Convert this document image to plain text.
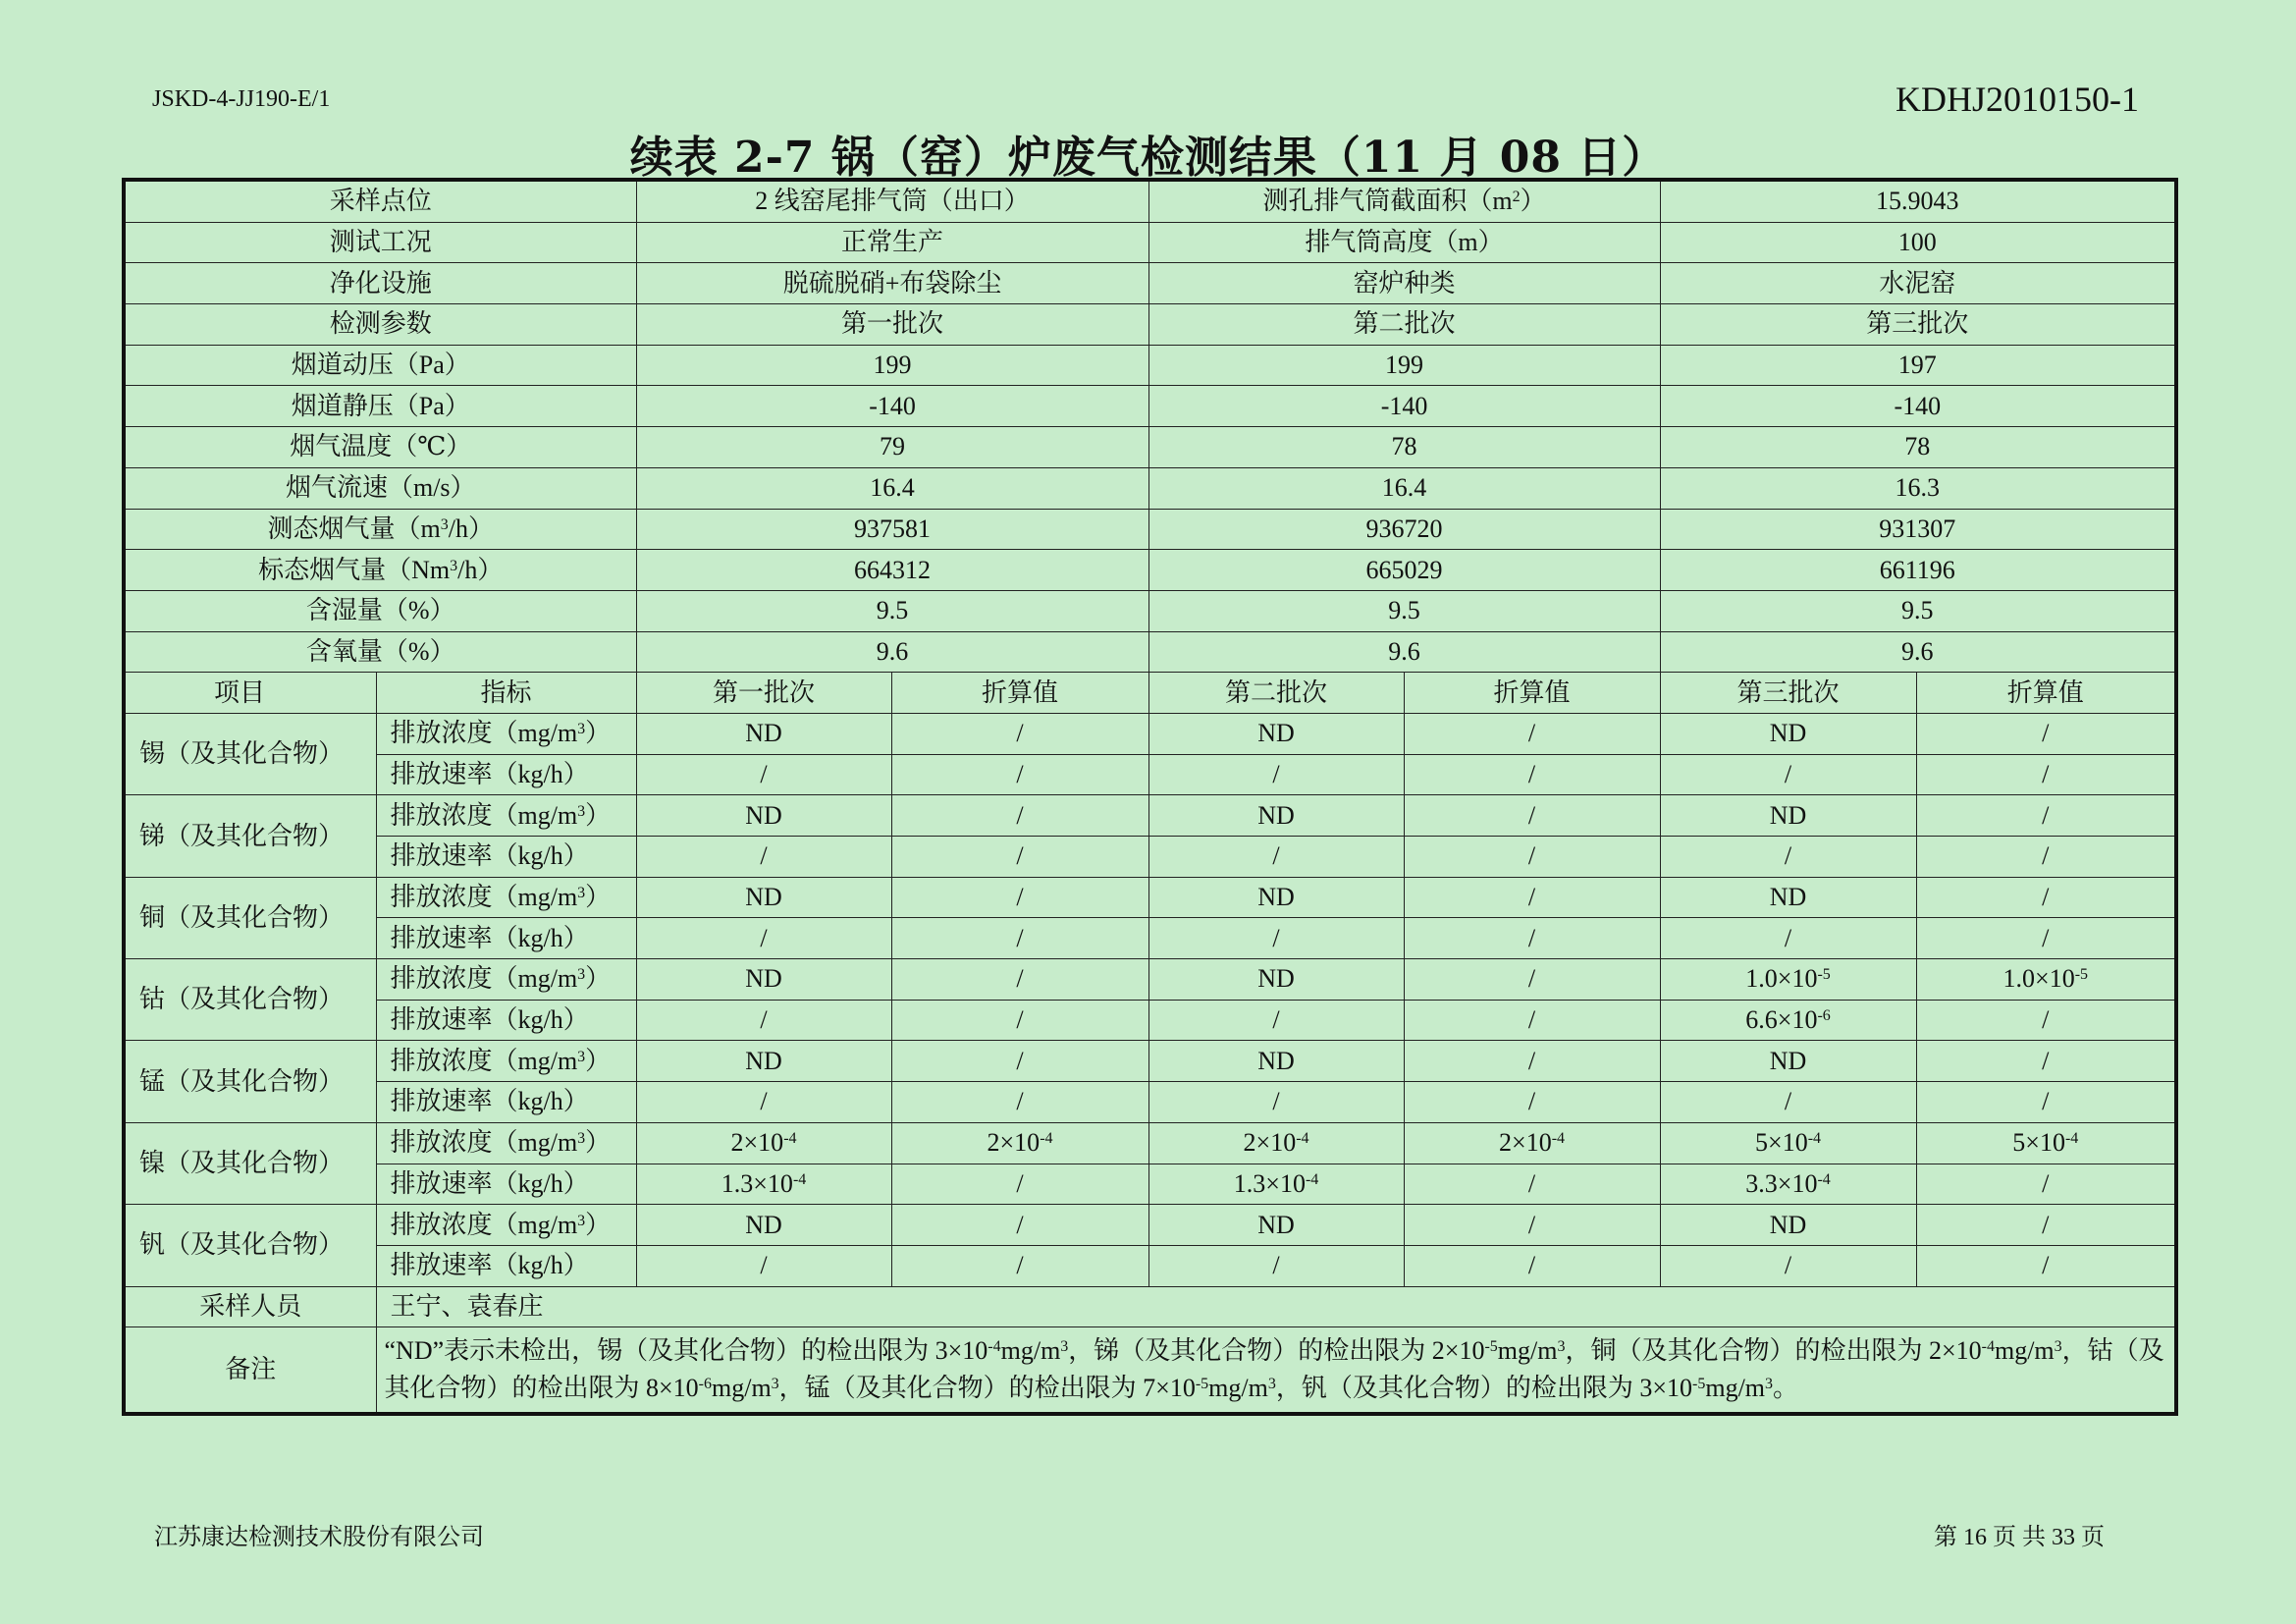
JSKD-4-JJ190-E/1	KDHJ2010150-1
续表 2-7 锅（窑）炉废气检测结果（11 月 08 日）
采样点位		2 线窑尾排气筒（出口）		测孔排气筒截面积$(m^2)$		15.9043	
测试工况		正常生产		排气筒高度（m）		100	
净化设施		脱硫脱硝+布袋除尘		窑炉种类		水泥窑	
检测参数		第一批次		第二批次		第三批次	
烟道动压（Pa）		199		199		197	
烟道静压（Pa）		-140		-140		-140	
烟气温度（℃）		79		78		78	
烟气流速（m/s）		16.4		16.4		16.3	
测态烟气量$(m^3/h)$		937581		936720		931307	
标态烟气量（Nm$^3$/h）		664312		665029		661196	
含湿量（%）		9.5		9.5		9.5	
含氧量（%）		9.6		9.6		9.6	
项目	指标	第一批次	折算值	第二批次	折算值	第三批次	折算值
锡（及其化合物）	排放浓度$(mg/m^3)$	ND	/	ND	/	ND	/
	排放速率（kg/h）	/	/	/	/	/	/
锑（及其化合物）	排放浓度$(mg/m^3)$	ND	/	ND	/	ND	/
	排放速率（kg/h）	/	/	/	/	/	/
铜（及其化合物）	排放浓度$(mg/m^3)$	ND	/	ND	/	ND	/
	排放速率（kg/h）	/	/	/	/	/	/
钴（及其化合物）	排放浓度$(mg/m^3)$	ND	/	ND	/	$1.0\times 10^{-5}$	$1.0\times 10^{-5}$
	排放速率（kg/h）	/	/	/	/	$6.6\times 10^{-6}$	/
锰（及其化合物）	排放浓度$(mg/m^3)$	ND	/	ND	/	ND	/
	排放速率（kg/h）	/	/	/	/	/	/
镍（及其化合物）	排放浓度$(mg/m^3)$	$2\times 10^{-4}$	$2\times 10^{-4}$	$2\times 10^{-4}$	$2\times 10^{-4}$	$5\times 10^{-4}$	$5\times 10^{-4}$
	排放速率（kg/h）	$1.3\times 10^{-4}$	/	$1.3\times 10^{-4}$	/	$3.3\times 10^{-4}$	/
钒（及其化合物）	排放浓度$(mg/m^3)$	ND	/	ND	/	ND	/
	排放速率（kg/h）	/	/	/	/	/	/
采样人员	王宁、袁春庄						
备注	“ND”表示未检出，锡（及其化合物）的检出限为 $3\times 10^{-4}mg/m^3$，锑（及其化合物）的检出限为 $2\times 10^{-5}mg/m^3$，铜（及其化合物）的检出限为 $2\times 10^{-4}mg/m^3$，钴（及其化合物）的检出限为 $8\times 10^{-6}mg/m^3$，锰（及其化合物）的检出限为 $7\times 10^{-5}mg/m^3$，钒（及其化合物）的检出限为 $3\times 10^{-5}mg/m^3$。						
江苏康达检测技术股份有限公司	第 16 页 共 33 页
